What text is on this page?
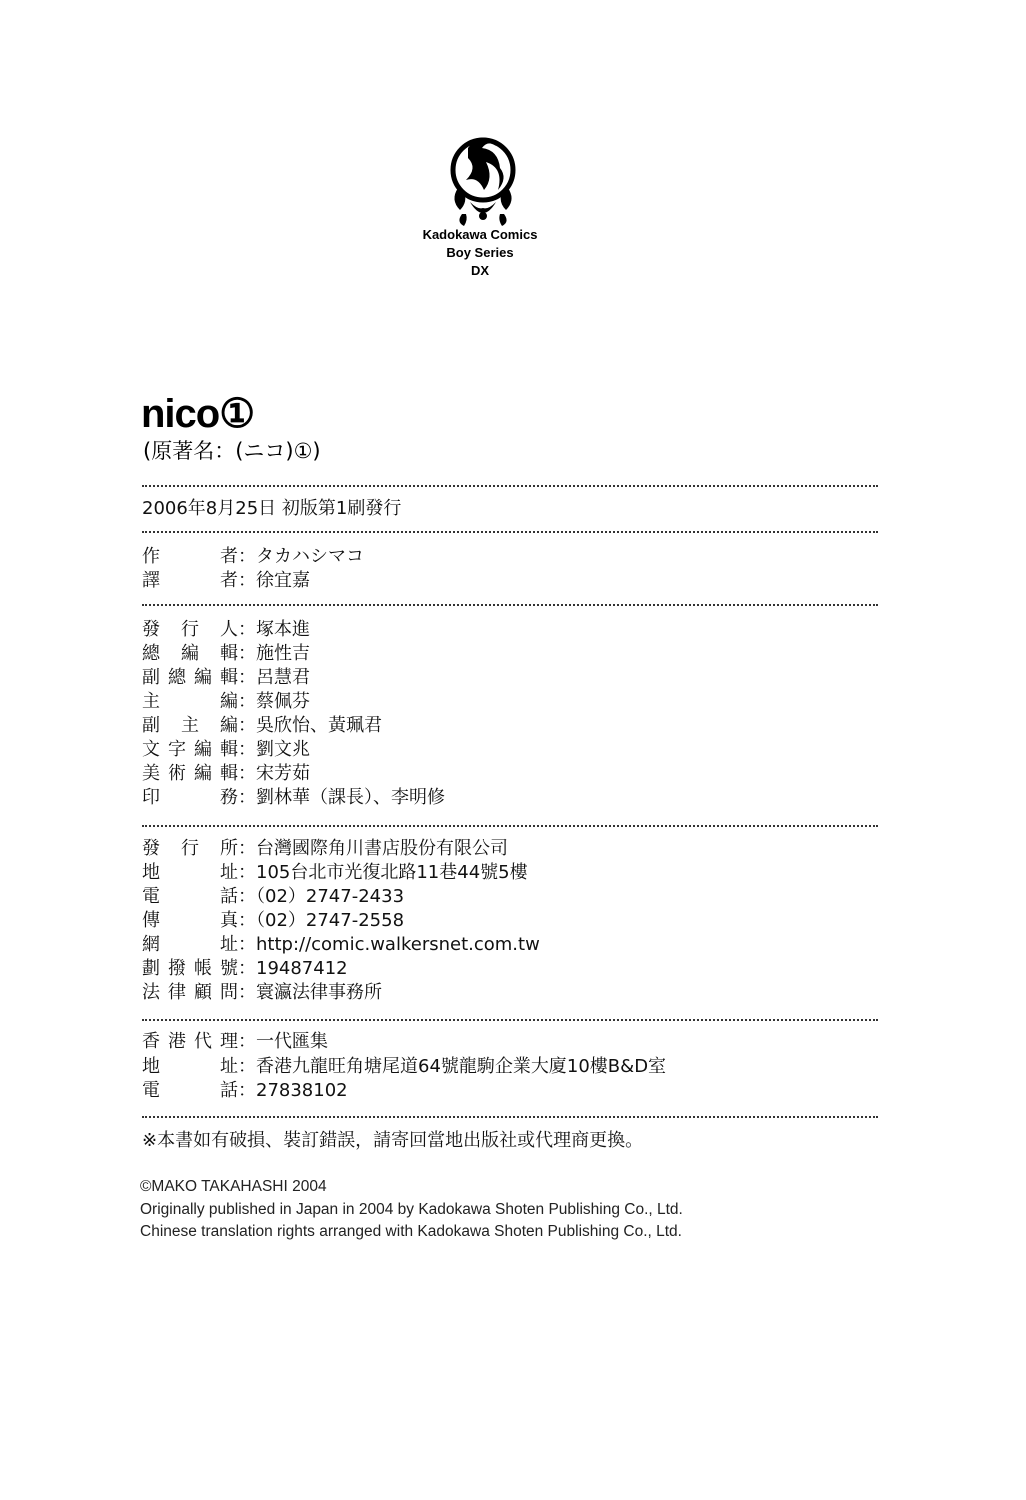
Kadokawa Comics
Boy Series
DX
nico①
(原著名：(ニコ)①)
2006年8月25日 初版第1刷發行
作 者：タカハシマコ
譯 者：徐宜嘉
發 行 人：塚本進
總 編 輯：施性吉
副總編輯：呂慧君
主 編：蔡佩芬
副 主 編：吳欣怡、黃珮君
文字編輯：劉文兆
美術編輯：宋芳茹
印 務：劉林華（課長）、李明修
發 行 所：台灣國際角川書店股份有限公司
地 址：105台北市光復北路11巷44號5樓
電 話：（02）2747-2433
傳 真：（02）2747-2558
網 址：http://comic.walkersnet.com.tw
劃撥帳號：19487412
法律顧問：寰瀛法律事務所
香港代理：一代匯集
地 址：香港九龍旺角塘尾道64號龍駒企業大廈10樓B&D室
電 話：27838102
※本書如有破損、裝訂錯誤，請寄回當地出版社或代理商更換。
©MAKO TAKAHASHI 2004
Originally published in Japan in 2004 by Kadokawa Shoten Publishing Co., Ltd.
Chinese translation rights arranged with Kadokawa Shoten Publishing Co., Ltd.
